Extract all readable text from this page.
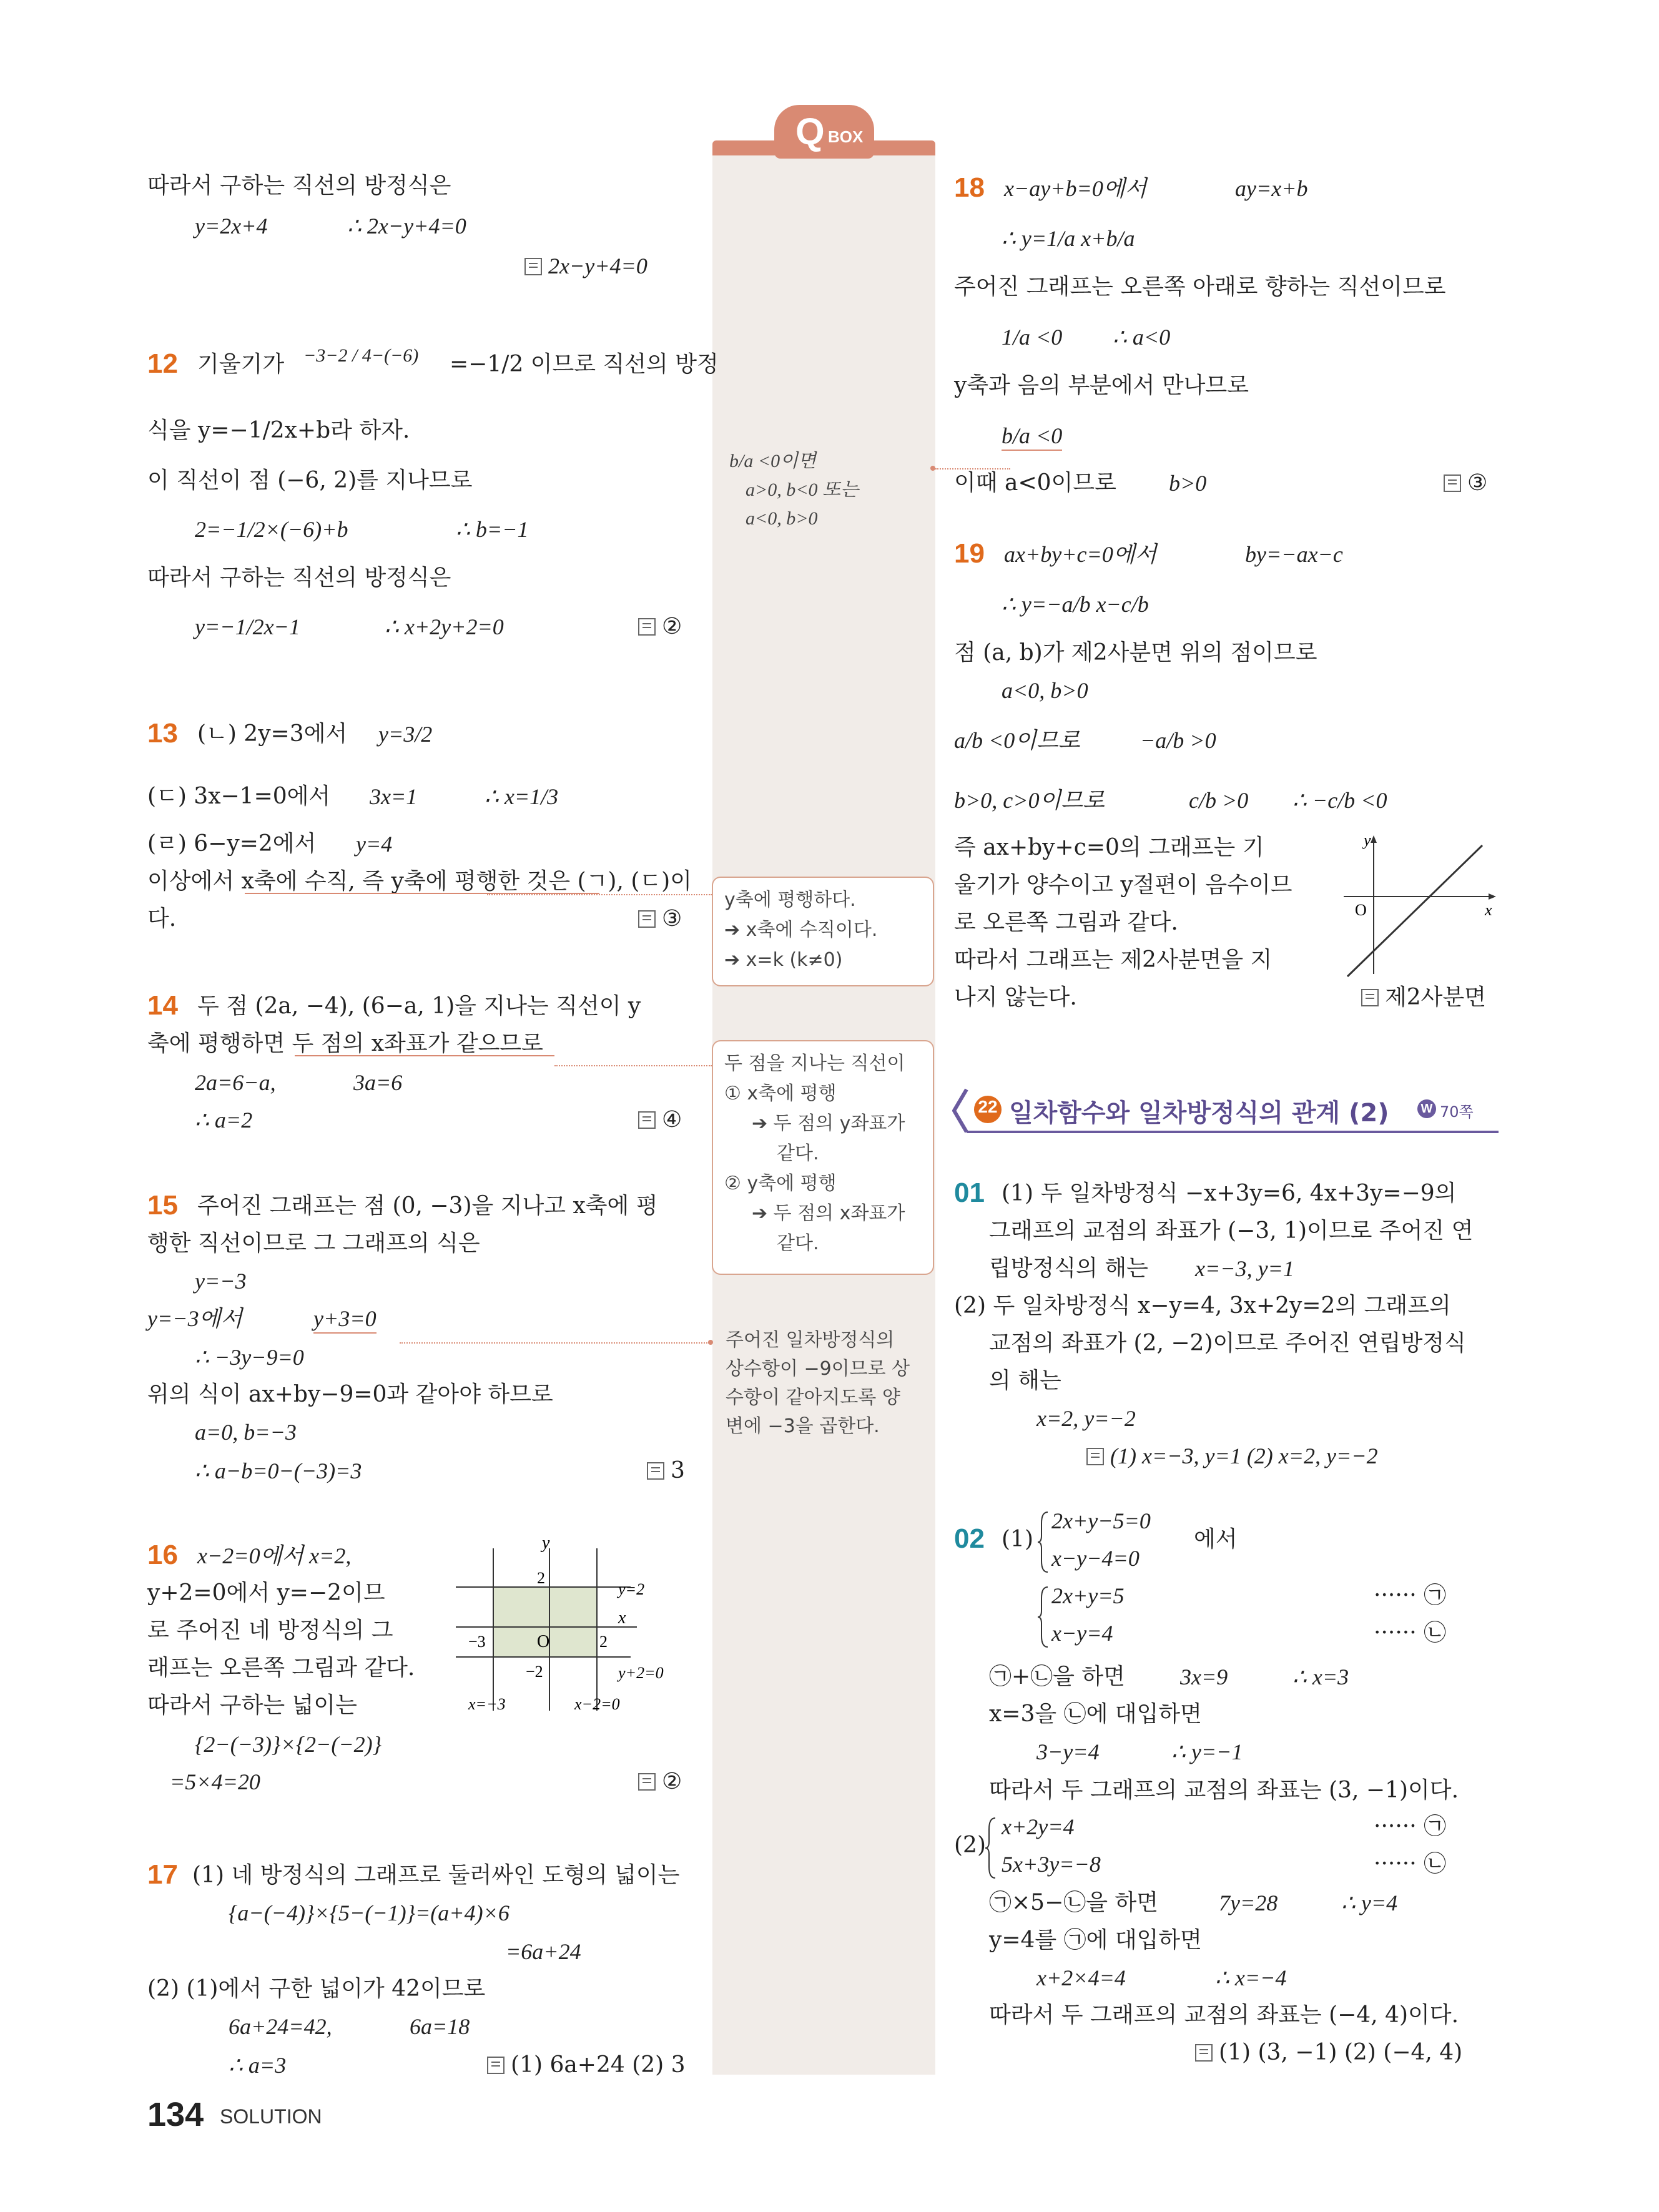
Q BOX
따라서 구하는 직선의 방정식은
y=2x+4	∴ 2x−y+4=0
2x−y+4=0
12 기울기가 −3−2 / 4−(−6) =−1/2 이므로 직선의 방정
식을 y=−1/2x+b라 하자.
이 직선이 점 (−6, 2)를 지나므로
2=−1/2×(−6)+b	∴ b=−1
따라서 구하는 직선의 방정식은
y=−1/2x−1	∴ x+2y+2=0	②
13 (ㄴ) 2y=3에서 y=3/2
(ㄷ) 3x−1=0에서 3x=1	∴ x=1/3
(ㄹ) 6−y=2에서 y=4
이상에서 x축에 수직, 즉 y축에 평행한 것은 (ㄱ), (ㄷ)이
다.	③
14 두 점 (2a, −4), (6−a, 1)을 지나는 직선이 y
축에 평행하면 두 점의 x좌표가 같으므로
2a=6−a,	3a=6
∴ a=2	④
15 주어진 그래프는 점 (0, −3)을 지나고 x축에 평
행한 직선이므로 그 그래프의 식은
y=−3
y=−3에서	y+3=0
∴ −3y−9=0
위의 식이 ax+by−9=0과 같아야 하므로
a=0, b=−3
∴ a−b=0−(−3)=3	3
16 x−2=0에서 x=2,
y+2=0에서 y=−2이므
로 주어진 네 방정식의 그
래프는 오른쪽 그림과 같다.
따라서 구하는 넓이는
{2−(−3)}×{2−(−2)}
=5×4=20	②
y
x
O
2
−2
−3	2
y=2
y+2=0
x=−3	x−2=0
17 (1) 네 방정식의 그래프로 둘러싸인 도형의 넓이는
{a−(−4)}×{5−(−1)}=(a+4)×6
=6a+24
(2) (1)에서 구한 넓이가 42이므로
6a+24=42,	6a=18
∴ a=3	(1) 6a+24 (2) 3
b/a <0이면
a>0, b<0 또는
a<0, b>0
y축에 평행하다.
➔ x축에 수직이다.
➔ x=k (k≠0)
두 점을 지나는 직선이
① x축에 평행
➔ 두 점의 y좌표가
같다.
② y축에 평행
➔ 두 점의 x좌표가
같다.
주어진 일차방정식의
상수항이 −9이므로 상
수항이 같아지도록 양
변에 −3을 곱한다.
18 x−ay+b=0에서	ay=x+b
∴ y=1/a x+b/a
주어진 그래프는 오른쪽 아래로 향하는 직선이므로
1/a <0 ∴ a<0
y축과 음의 부분에서 만나므로
b/a <0
이때 a<0이므로 b>0	③
19 ax+by+c=0에서	by=−ax−c
∴ y=−a/b x−c/b
점 (a, b)가 제2사분면 위의 점이므로
a<0, b>0
a/b <0이므로	−a/b >0
b>0, c>0이므로	c/b >0 ∴ −c/b <0
즉 ax+by+c=0의 그래프는 기
울기가 양수이고 y절편이 음수이므
로 오른쪽 그림과 같다.
따라서 그래프는 제2사분면을 지
나지 않는다.	제2사분면
y
x
O
22 일차함수와 일차방정식의 관계 (2)	W 70쪽
01 (1) 두 일차방정식 −x+3y=6, 4x+3y=−9의
그래프의 교점의 좌표가 (−3, 1)이므로 주어진 연
립방정식의 해는 x=−3, y=1
(2) 두 일차방정식 x−y=4, 3x+2y=2의 그래프의
교점의 좌표가 (2, −2)이므로 주어진 연립방정식
의 해는
x=2, y=−2
(1) x=−3, y=1 (2) x=2, y=−2
02 (1)
2x+y−5=0
x−y−4=0
에서
2x+y=5
x−y=4
······ ㉠
······ ㉡
㉠+㉡을 하면 3x=9	∴ x=3
x=3을 ㉡에 대입하면
3−y=4	∴ y=−1
따라서 두 그래프의 교점의 좌표는 (3, −1)이다.
(2)
x+2y=4
5x+3y=−8
······ ㉠
······ ㉡
㉠×5−㉡을 하면	7y=28	∴ y=4
y=4를 ㉠에 대입하면
x+2×4=4	∴ x=−4
따라서 두 그래프의 교점의 좌표는 (−4, 4)이다.
(1) (3, −1) (2) (−4, 4)
134 SOLUTION
